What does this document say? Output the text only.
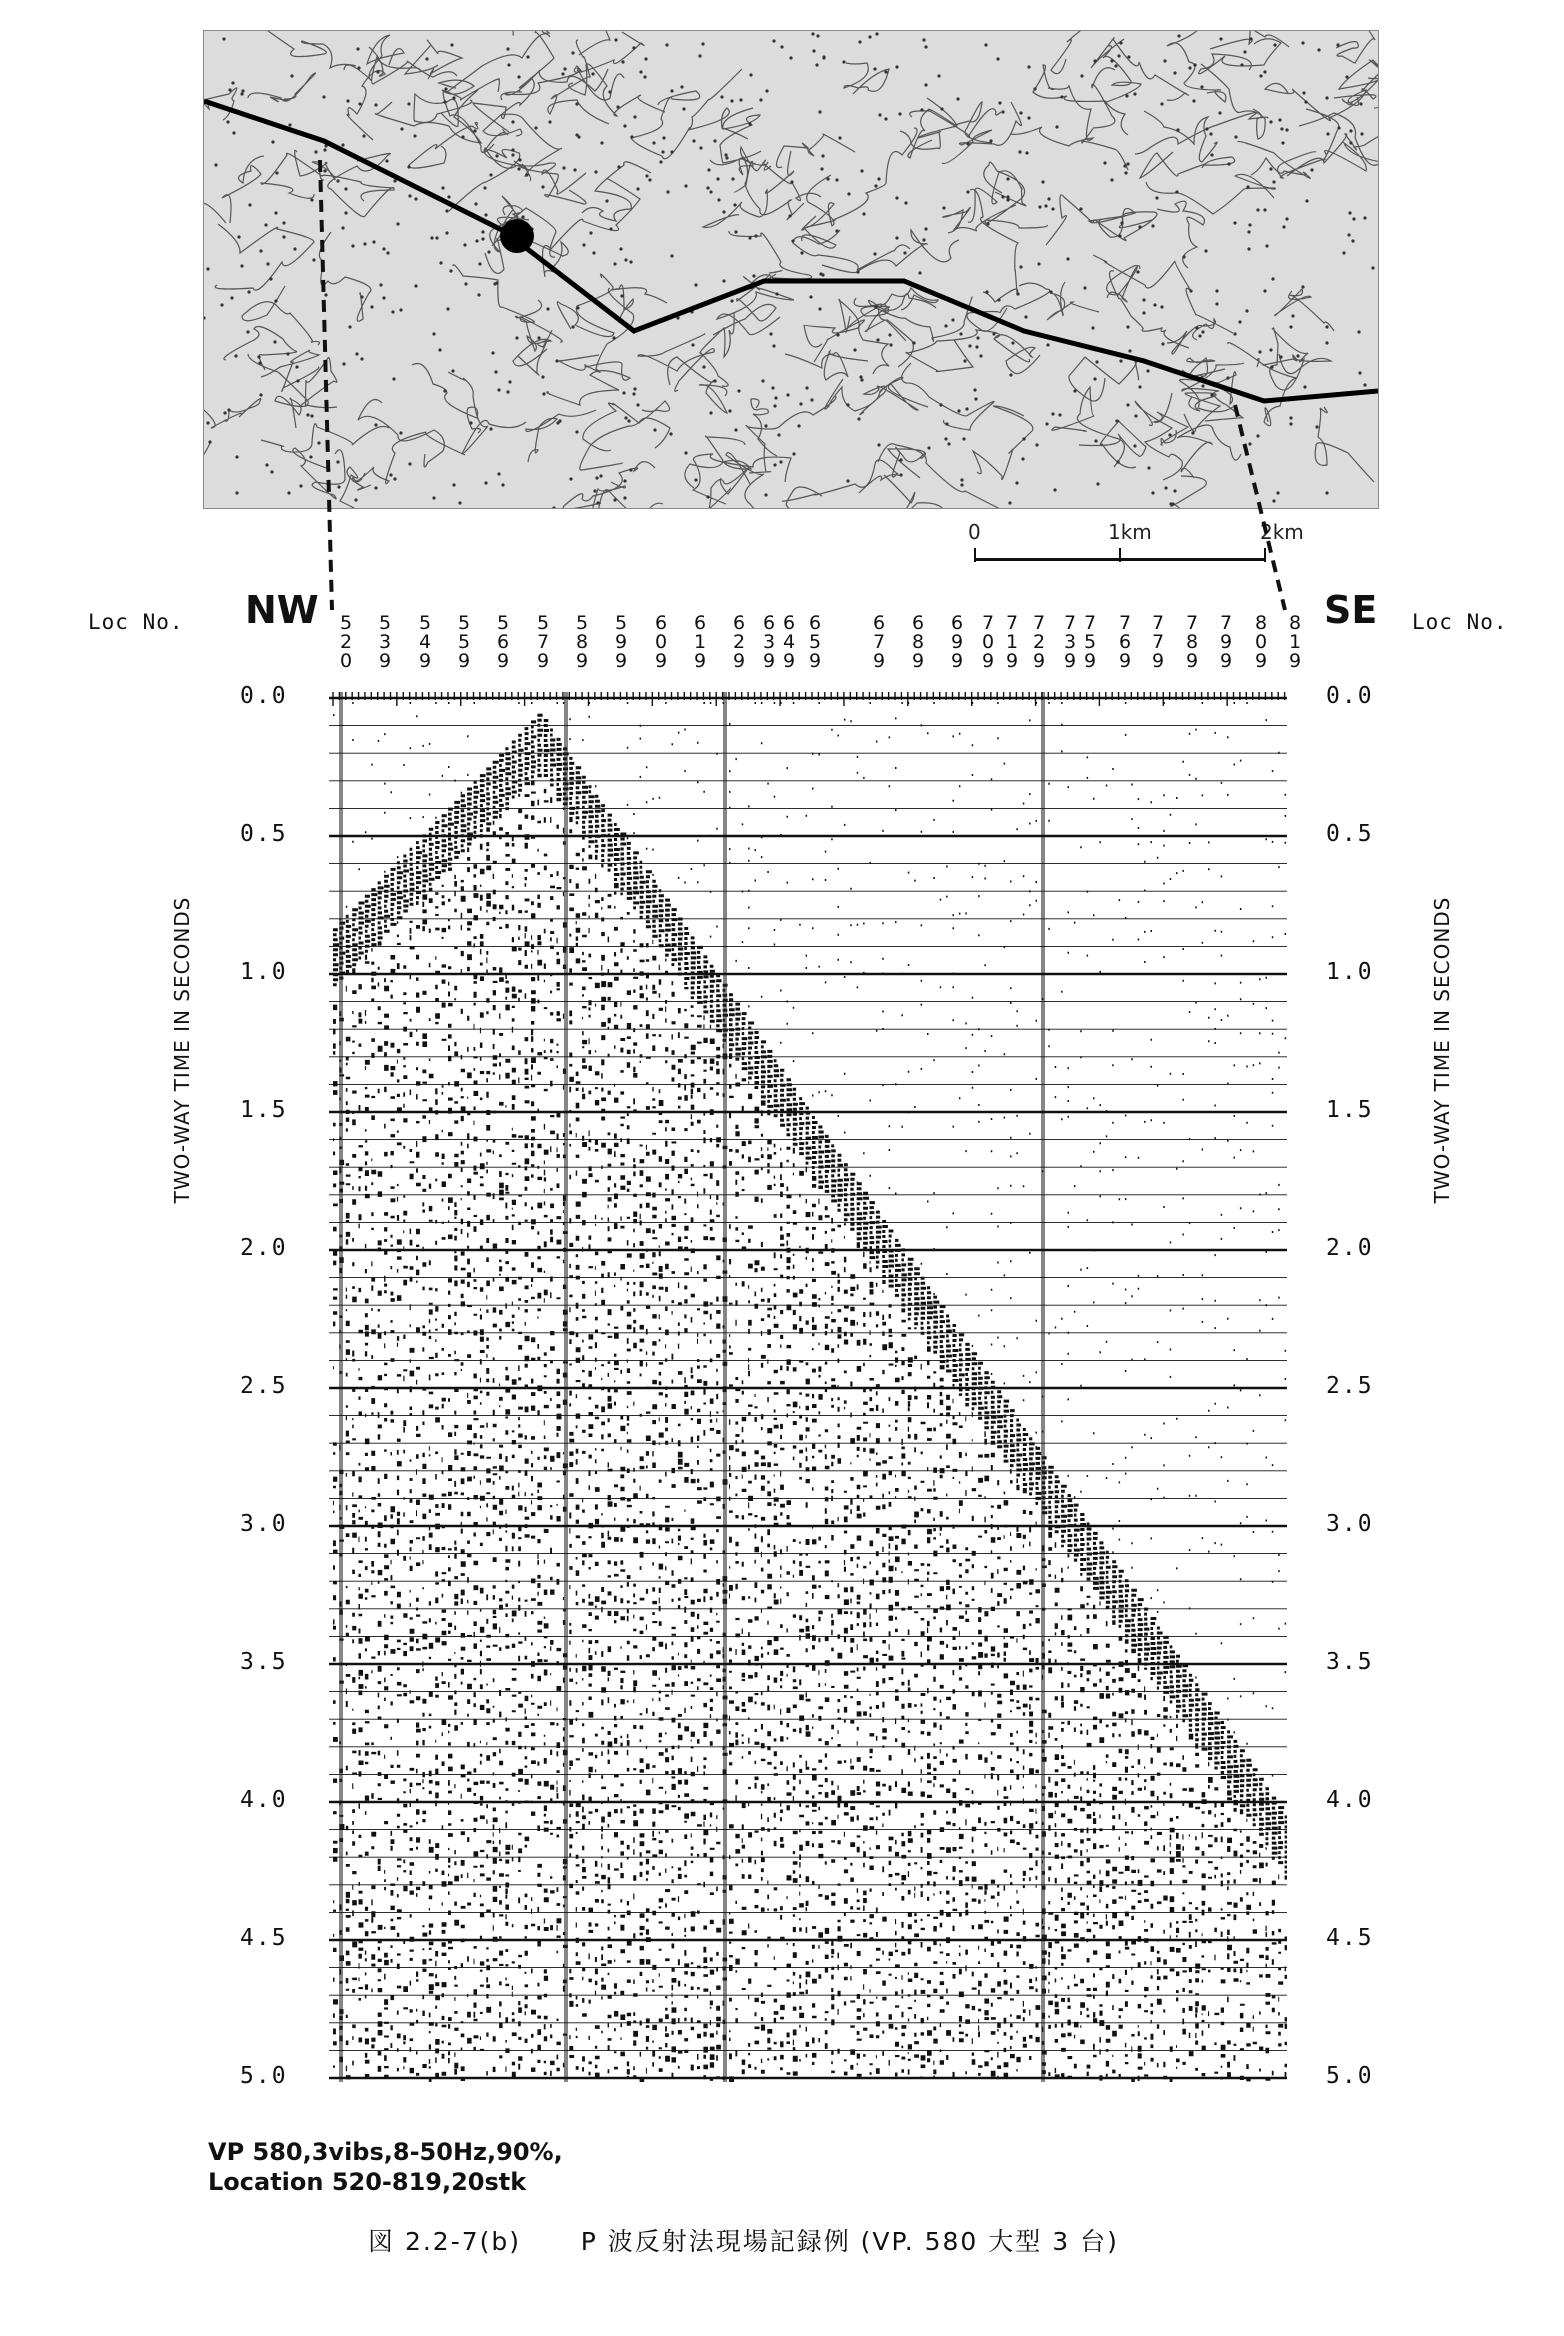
0	1km	2km
NW	SE
Loc No.	Loc No.
5
2
0
5
3
9
5
4
9
5
5
9
5
6
9
5
7
9
5
8
9
5
9
9
6
0
9
6
1
9
6
2
9
6
3
9
6
4
9
6
5
9
6
7
9
6
8
9
6
9
9
7
0
9
7
1
9
7
2
9
7
3
9
7
5
9
7
6
9
7
7
9
7
8
9
7
9
9
8
0
9
8
1
9
0.0
0.5
1.0
1.5
2.0
2.5
3.0
3.5
4.0
4.5
5.0
0.0
0.5
1.0
1.5
2.0
2.5
3.0
3.5
4.0
4.5
5.0
TWO-WAY TIME IN SECONDS	TWO-WAY TIME IN SECONDS
VP 580,3vibs,8-50Hz,90%,
Location 520-819,20stk
図 2.2-7(b) P 波反射法現場記録例 (VP. 580 大型 3 台)
